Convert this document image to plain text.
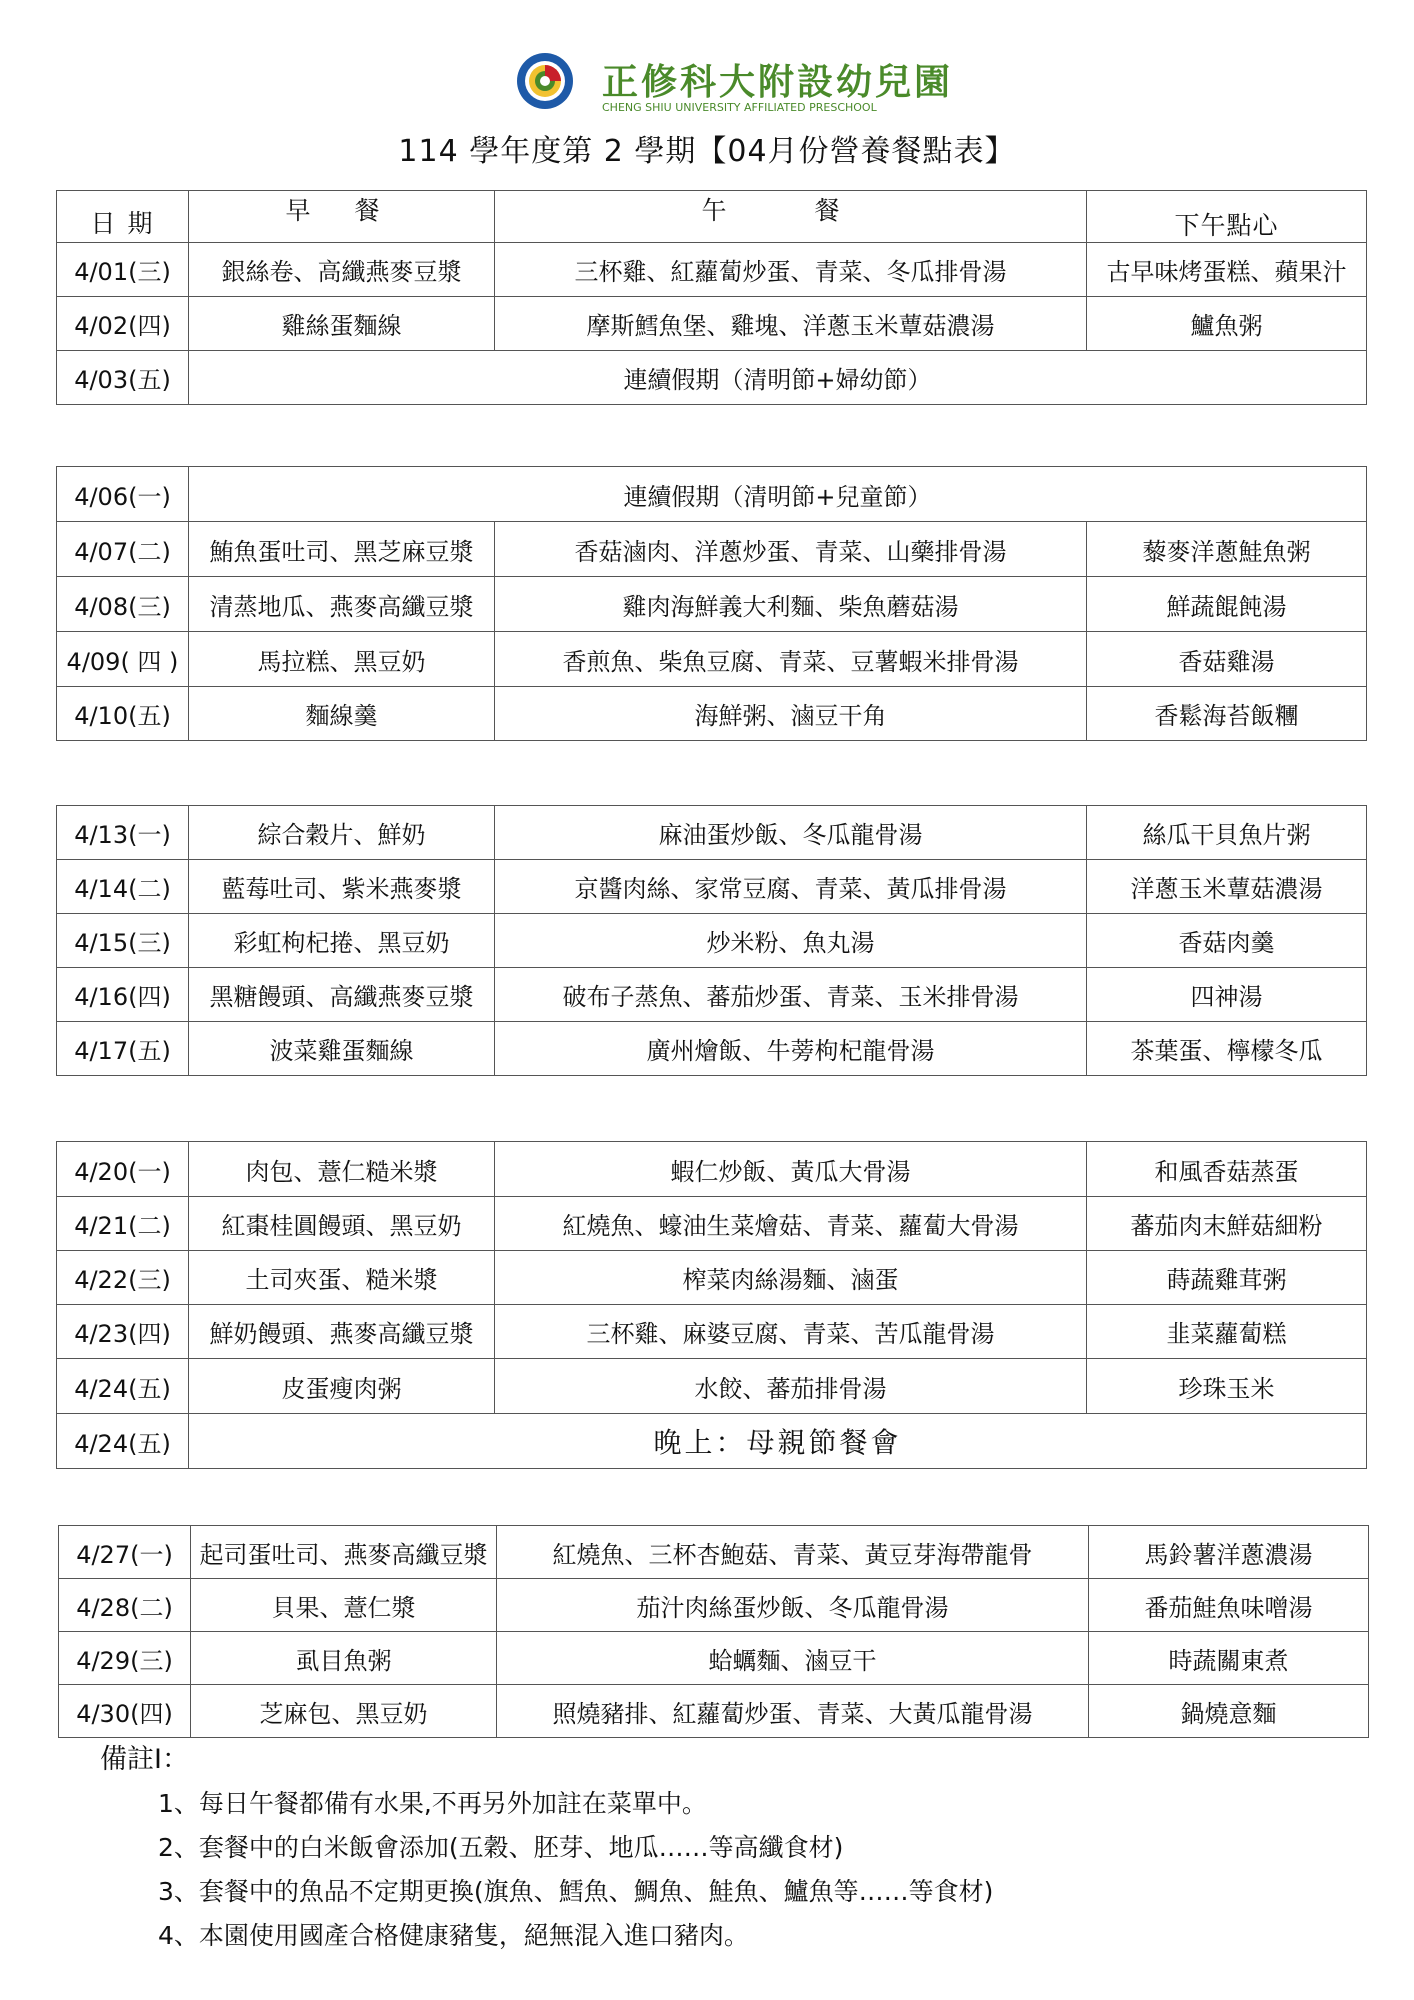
正修科大附設幼兒園
CHENG SHIU UNIVERSITY AFFILIATED PRESCHOOL
114 學年度第 2 學期【04月份營養餐點表】
日 期	早 餐	午 餐	下午點心
4/01(三)	銀絲卷、高纖燕麥豆漿	三杯雞、紅蘿蔔炒蛋、青菜、冬瓜排骨湯	古早味烤蛋糕、蘋果汁
4/02(四)	雞絲蛋麵線	摩斯鱈魚堡、雞塊、洋蔥玉米蕈菇濃湯	鱸魚粥
4/03(五)	連續假期（清明節+婦幼節）		
4/06(一)	連續假期（清明節+兒童節）		
4/07(二)	鮪魚蛋吐司、黑芝麻豆漿	香菇滷肉、洋蔥炒蛋、青菜、山藥排骨湯	藜麥洋蔥鮭魚粥
4/08(三)	清蒸地瓜、燕麥高纖豆漿	雞肉海鮮義大利麵、柴魚蘑菇湯	鮮蔬餛飩湯
4/09( 四 )	馬拉糕、黑豆奶	香煎魚、柴魚豆腐、青菜、豆薯蝦米排骨湯	香菇雞湯
4/10(五)	麵線羹	海鮮粥、滷豆干角	香鬆海苔飯糰
4/13(一)	綜合穀片、鮮奶	麻油蛋炒飯、冬瓜龍骨湯	絲瓜干貝魚片粥
4/14(二)	藍莓吐司、紫米燕麥漿	京醬肉絲、家常豆腐、青菜、黃瓜排骨湯	洋蔥玉米蕈菇濃湯
4/15(三)	彩虹枸杞捲、黑豆奶	炒米粉、魚丸湯	香菇肉羹
4/16(四)	黑糖饅頭、高纖燕麥豆漿	破布子蒸魚、蕃茄炒蛋、青菜、玉米排骨湯	四神湯
4/17(五)	波菜雞蛋麵線	廣州燴飯、牛蒡枸杞龍骨湯	茶葉蛋、檸檬冬瓜
4/20(一)	肉包、薏仁糙米漿	蝦仁炒飯、黃瓜大骨湯	和風香菇蒸蛋
4/21(二)	紅棗桂圓饅頭、黑豆奶	紅燒魚、蠔油生菜燴菇、青菜、蘿蔔大骨湯	蕃茄肉末鮮菇細粉
4/22(三)	土司夾蛋、糙米漿	榨菜肉絲湯麵、滷蛋	蒔蔬雞茸粥
4/23(四)	鮮奶饅頭、燕麥高纖豆漿	三杯雞、麻婆豆腐、青菜、苦瓜龍骨湯	韭菜蘿蔔糕
4/24(五)	皮蛋瘦肉粥	水餃、蕃茄排骨湯	珍珠玉米
4/24(五)	晚上：母親節餐會		
4/27(一)	起司蛋吐司、燕麥高纖豆漿	紅燒魚、三杯杏鮑菇、青菜、黃豆芽海帶龍骨	馬鈴薯洋蔥濃湯
4/28(二)	貝果、薏仁漿	茄汁肉絲蛋炒飯、冬瓜龍骨湯	番茄鮭魚味噌湯
4/29(三)	虱目魚粥	蛤蠣麵、滷豆干	時蔬關東煮
4/30(四)	芝麻包、黑豆奶	照燒豬排、紅蘿蔔炒蛋、青菜、大黃瓜龍骨湯	鍋燒意麵
備註I：
1、每日午餐都備有水果,不再另外加註在菜單中。
2、套餐中的白米飯會添加(五穀、胚芽、地瓜……等高纖食材)
3、套餐中的魚品不定期更換(旗魚、鱈魚、鯛魚、鮭魚、鱸魚等……等食材)
4、本園使用國產合格健康豬隻，絕無混入進口豬肉。
